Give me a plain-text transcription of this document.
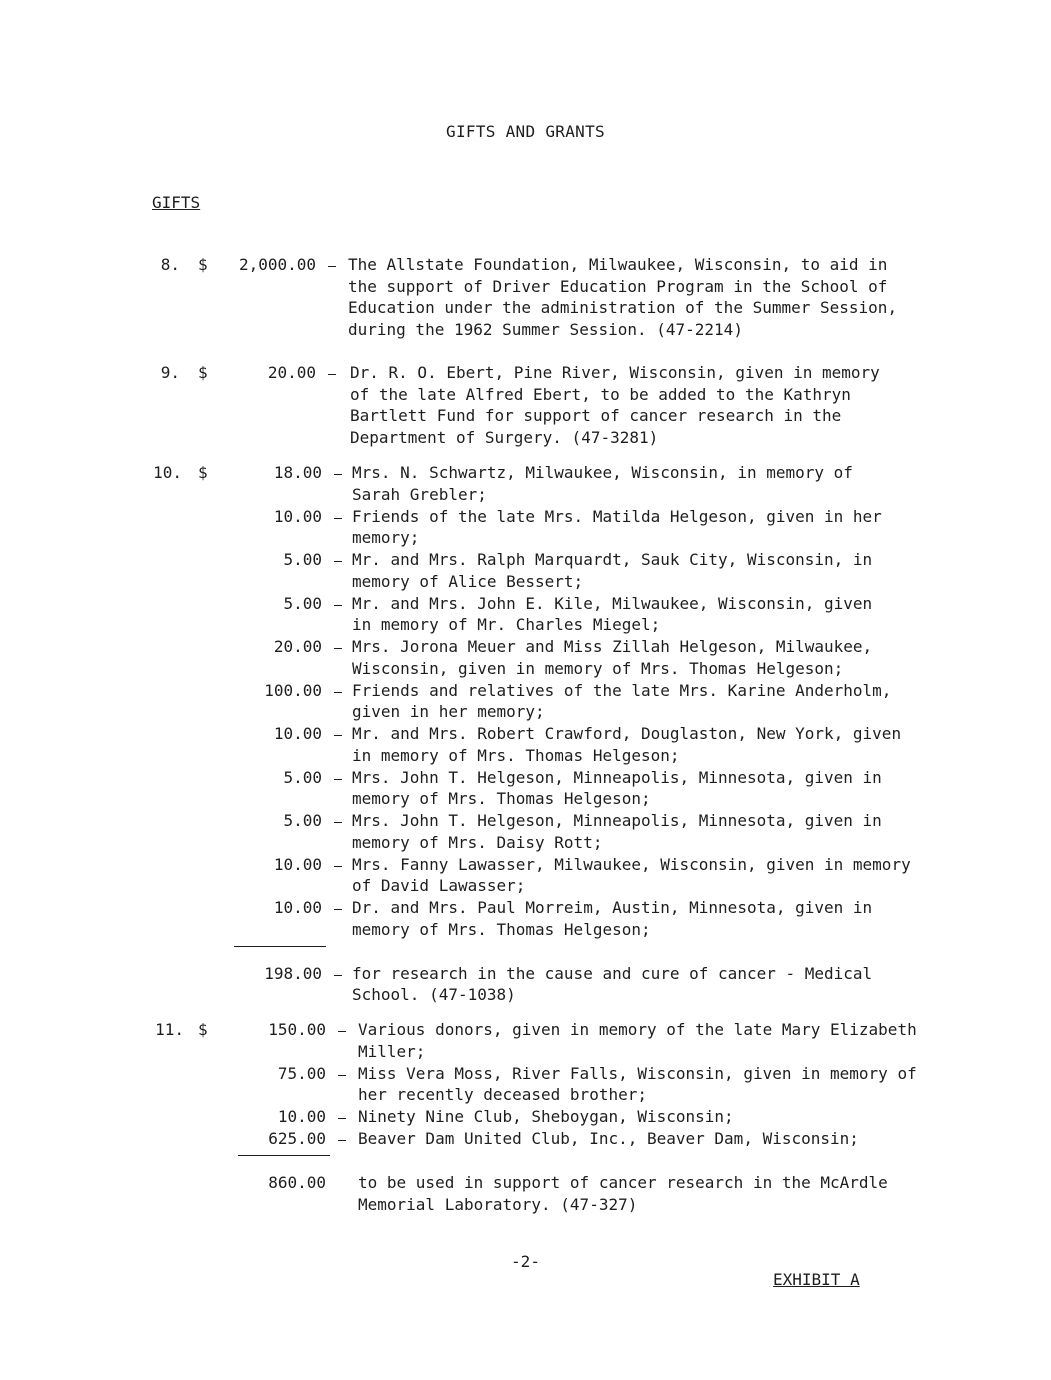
GIFTS AND GRANTS
GIFTS
8. $	2,000.00 The Allstate Foundation, Milwaukee, Wisconsin, to aid in
the support of Driver Education Program in the School of
Education under the administration of the Summer Session,
during the 1962 Summer Session. (47-2214)
9. $	20.00 Dr. R. O. Ebert, Pine River, Wisconsin, given in memory
of the late Alfred Ebert, to be added to the Kathryn
Bartlett Fund for support of cancer research in the
Department of Surgery. (47-3281)
10. $	18.00 Mrs. N. Schwartz, Milwaukee, Wisconsin, in memory of
Sarah Grebler;
10.00 Friends of the late Mrs. Matilda Helgeson, given in her
memory;
5.00 Mr. and Mrs. Ralph Marquardt, Sauk City, Wisconsin, in
memory of Alice Bessert;
5.00 Mr. and Mrs. John E. Kile, Milwaukee, Wisconsin, given
in memory of Mr. Charles Miegel;
20.00 Mrs. Jorona Meuer and Miss Zillah Helgeson, Milwaukee,
Wisconsin, given in memory of Mrs. Thomas Helgeson;
100.00 Friends and relatives of the late Mrs. Karine Anderholm,
given in her memory;
10.00 Mr. and Mrs. Robert Crawford, Douglaston, New York, given
in memory of Mrs. Thomas Helgeson;
5.00 Mrs. John T. Helgeson, Minneapolis, Minnesota, given in
memory of Mrs. Thomas Helgeson;
5.00 Mrs. John T. Helgeson, Minneapolis, Minnesota, given in
memory of Mrs. Daisy Rott;
10.00 Mrs. Fanny Lawasser, Milwaukee, Wisconsin, given in memory
of David Lawasser;
10.00 Dr. and Mrs. Paul Morreim, Austin, Minnesota, given in
memory of Mrs. Thomas Helgeson;
198.00 for research in the cause and cure of cancer - Medical
School. (47-1038)
11. $	150.00 Various donors, given in memory of the late Mary Elizabeth
Miller;
75.00 Miss Vera Moss, River Falls, Wisconsin, given in memory of
her recently deceased brother;
10.00 Ninety Nine Club, Sheboygan, Wisconsin;
625.00 Beaver Dam United Club, Inc., Beaver Dam, Wisconsin;
860.00 to be used in support of cancer research in the McArdle
Memorial Laboratory. (47-327)
-2-
EXHIBIT A
